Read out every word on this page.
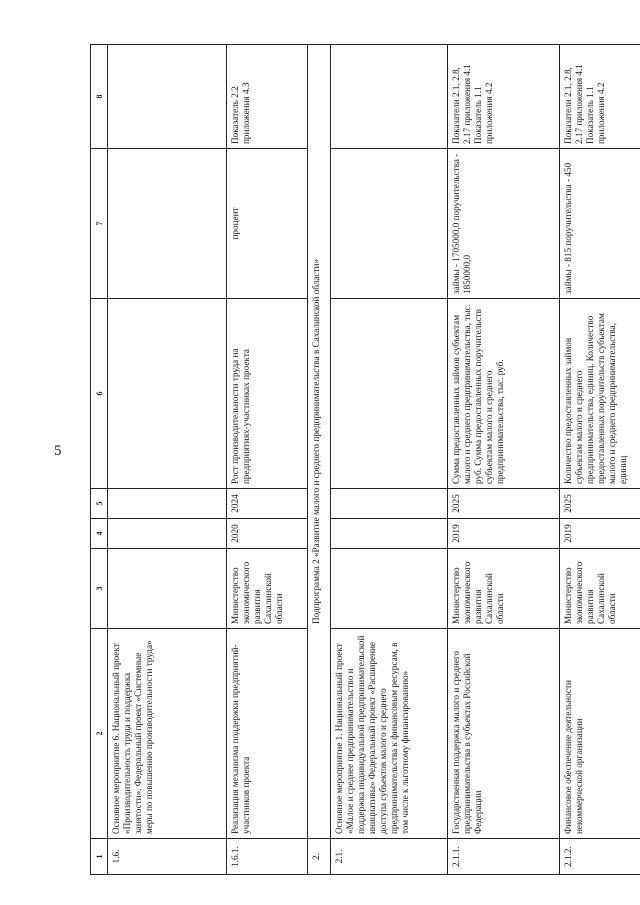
5
1	2	3	4	5	6	7	8
1.6.	Основное мероприятие 6. Национальный проект «Производительность труда и поддержка занятости». Федеральный проект «Системные меры по повышению производительности труда»						
1.6.1.	Реализация механизма поддержки предприятий-участников проекта	Министерство экономического развития Сахалинской области	2020	2024	Рост производительности труда на предприятиях-участниках проекта	процент	Показатель 2.2 приложения 4.3
2.	Подпрограмма 2 «Развитие малого и среднего предпринимательства в Сахалинской области»						
2.1.	Основное мероприятие 1. Национальный проект «Малое и среднее предпринимательство и поддержка индивидуальной предпринимательской инициативы» Федеральный проект «Расширение доступа субъектов малого и среднего предпринимательства к финансовым ресурсам, в том числе к льготному финансированию»						
2.1.1.	Государственная поддержка малого и среднего предпринимательства в субъектах Российской Федерации	Министерство экономического развития Сахалинской области	2019	2025	Сумма предоставленных займов субъектам малого и среднего предпринимательства, тыс. руб. Сумма предоставленных поручительств субъектам малого и среднего предпринимательства, тыс. руб.	займы - 1705000,0 поручительства - 1850000,0	Показатели 2.1, 2.8, 2.17 приложения 4.1 Показатель 1.1 приложения 4.2
2.1.2.	Финансовое обеспечение деятельности некоммерческой организации	Министерство экономического развития Сахалинской области	2019	2025	Количество предоставленных займов субъектам малого и среднего предпринимательства, единиц. Количество предоставленных поручительств субъектам малого и среднего предпринимательства, единиц	займы - 815 поручительства - 450	Показатели 2.1, 2.8, 2.17 приложения 4.1 Показатель 1.1 приложения 4.2
